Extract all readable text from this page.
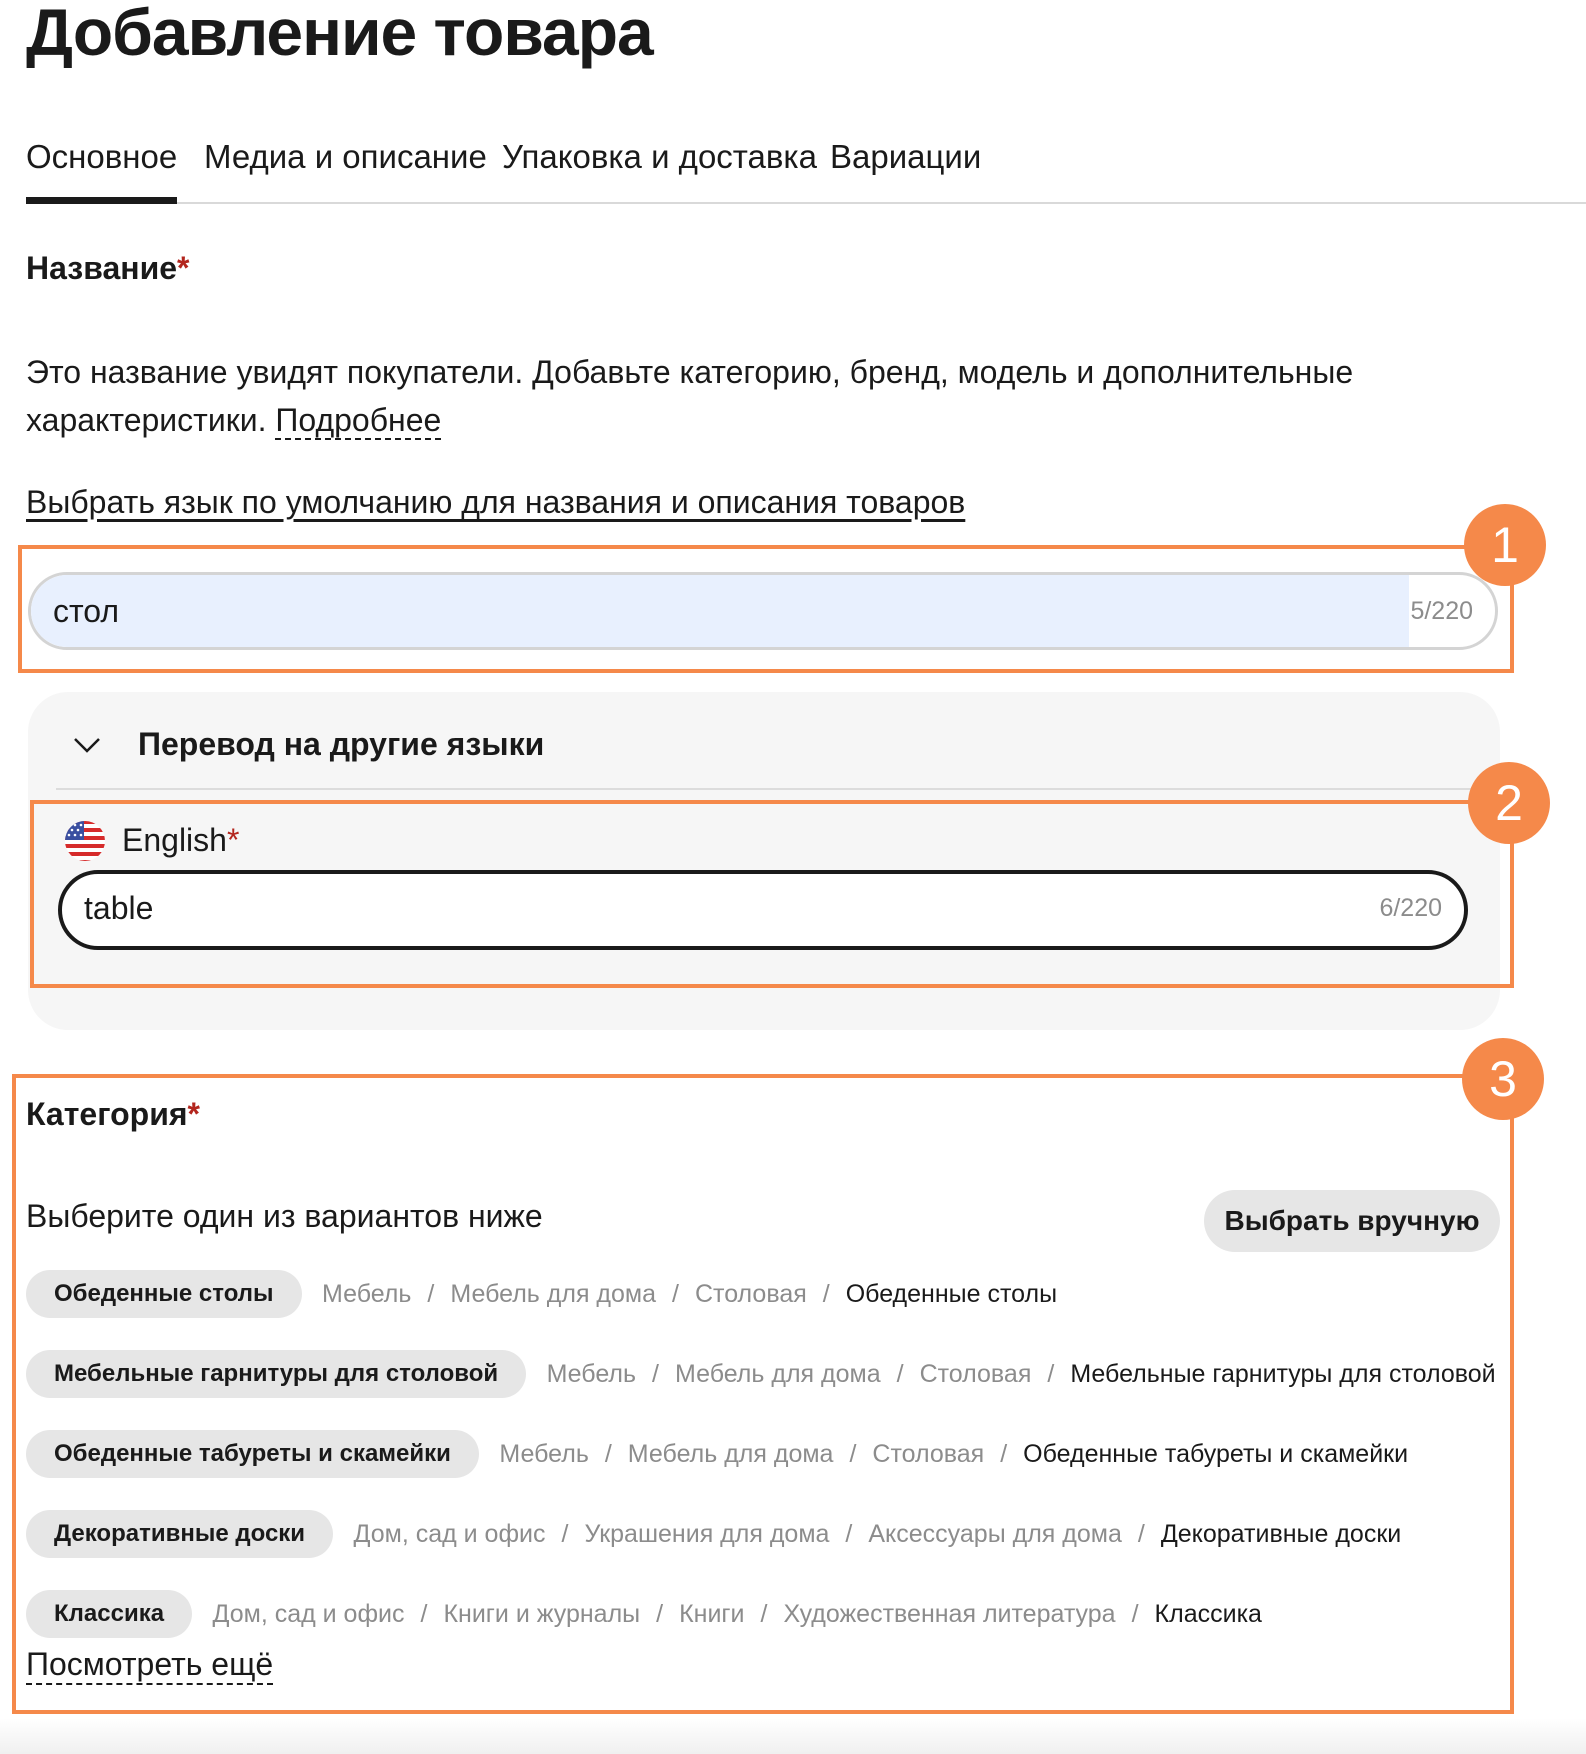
Добавление товара
Основное Медиа и описание Упаковка и доставка Вариации
Название*
Это название увидят покупатели. Добавьте категорию, бренд, модель и дополнительные характеристики. Подробнее
Выбрать язык по умолчанию для названия и описания товаров
1
стол	5/220
Перевод на другие языки
2
English*
table	6/220
3
Категория*
Выберите один из вариантов ниже	Выбрать вручную
Обеденные столы Мебель / Мебель для дома / Столовая / Обеденные столы
Мебельные гарнитуры для столовой Мебель / Мебель для дома / Столовая / Мебельные гарнитуры для столовой
Обеденные табуреты и скамейки Мебель / Мебель для дома / Столовая / Обеденные табуреты и скамейки
Декоративные доски Дом, сад и офис / Украшения для дома / Аксессуары для дома / Декоративные доски
Классика Дом, сад и офис / Книги и журналы / Книги / Художественная литература / Классика
Посмотреть ещё
